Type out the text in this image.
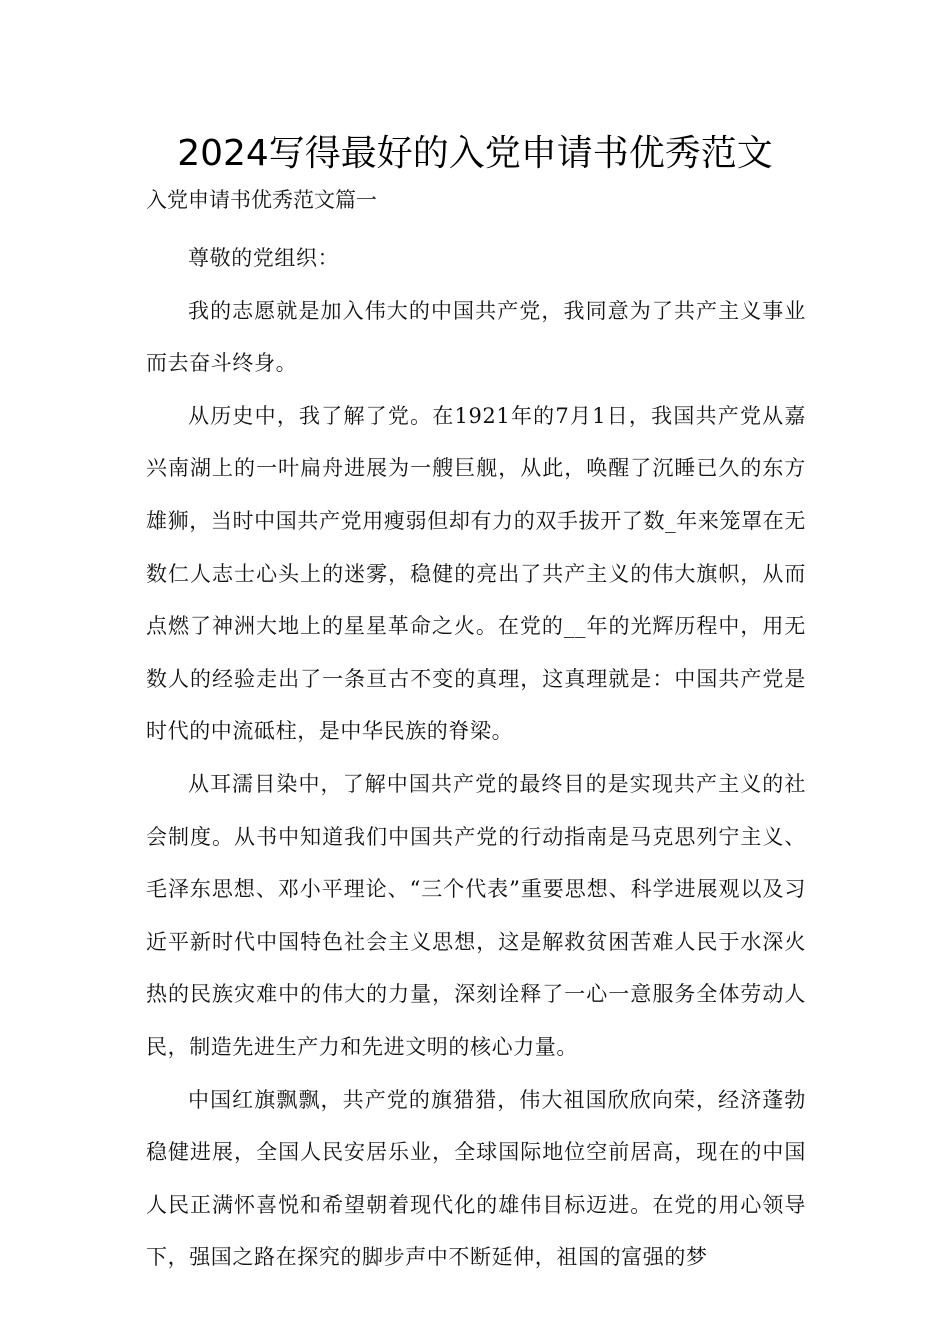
2024写得最好的入党申请书优秀范文

入党申请书优秀范文篇一

尊敬的党组织：

我的志愿就是加入伟大的中国共产党，我同意为了共产主义事业而去奋斗终身。

从历史中，我了解了党。在1921年的7月1日，我国共产党从嘉兴南湖上的一叶扁舟进展为一艘巨舰，从此，唤醒了沉睡已久的东方雄狮，当时中国共产党用瘦弱但却有力的双手拔开了数_年来笼罩在无数仁人志士心头上的迷雾，稳健的亮出了共产主义的伟大旗帜，从而点燃了神洲大地上的星星革命之火。在党的__年的光辉历程中，用无数人的经验走出了一条亘古不变的真理，这真理就是：中国共产党是时代的中流砥柱，是中华民族的脊梁。

从耳濡目染中，了解中国共产党的最终目的是实现共产主义的社会制度。从书中知道我们中国共产党的行动指南是马克思列宁主义、毛泽东思想、邓小平理论、“三个代表”重要思想、科学进展观以及习近平新时代中国特色社会主义思想，这是解救贫困苦难人民于水深火热的民族灾难中的伟大的力量，深刻诠释了一心一意服务全体劳动人民，制造先进生产力和先进文明的核心力量。

中国红旗飘飘，共产党的旗猎猎，伟大祖国欣欣向荣，经济蓬勃稳健进展，全国人民安居乐业，全球国际地位空前居高，现在的中国人民正满怀喜悦和希望朝着现代化的雄伟目标迈进。在党的用心领导下，强国之路在探究的脚步声中不断延伸，祖国的富强的梦
